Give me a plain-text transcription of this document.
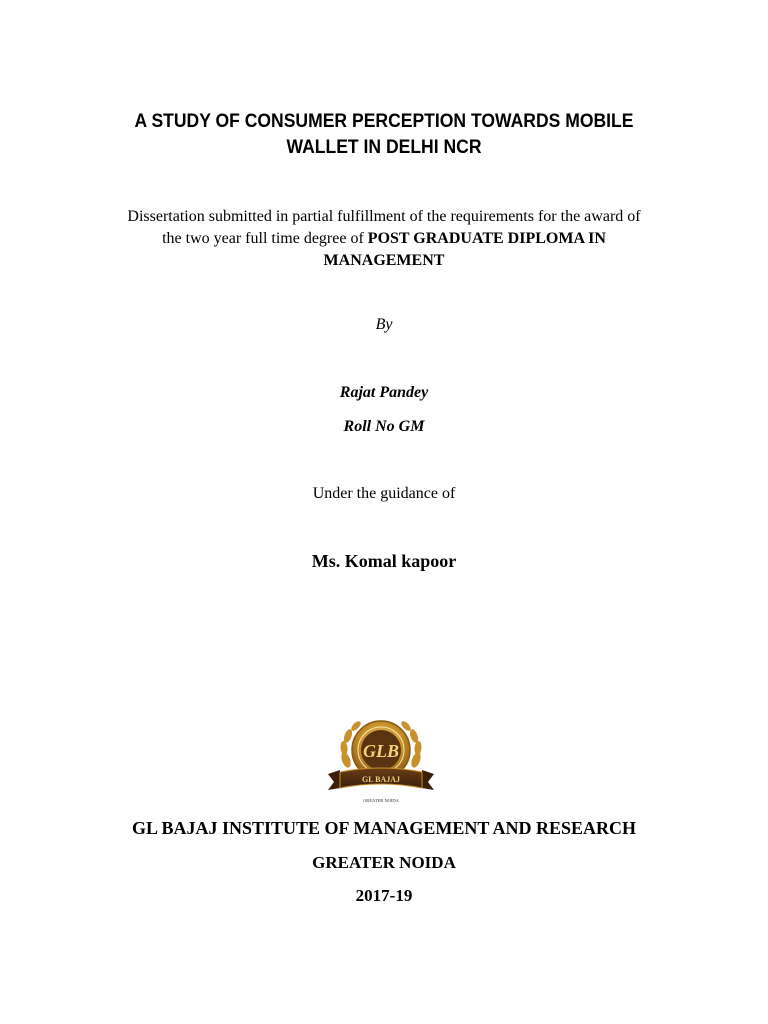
A STUDY OF CONSUMER PERCEPTION TOWARDS MOBILE
WALLET IN DELHI NCR
Dissertation submitted in partial fulfillment of the requirements for the award of
the two year full time degree of POST GRADUATE DIPLOMA IN
MANAGEMENT
By
Rajat Pandey
Roll No GM
Under the guidance of
Ms. Komal kapoor
GLB
GL BAJAJ
GREATER NOIDA
GL BAJAJ INSTITUTE OF MANAGEMENT AND RESEARCH
GREATER NOIDA
2017-19
